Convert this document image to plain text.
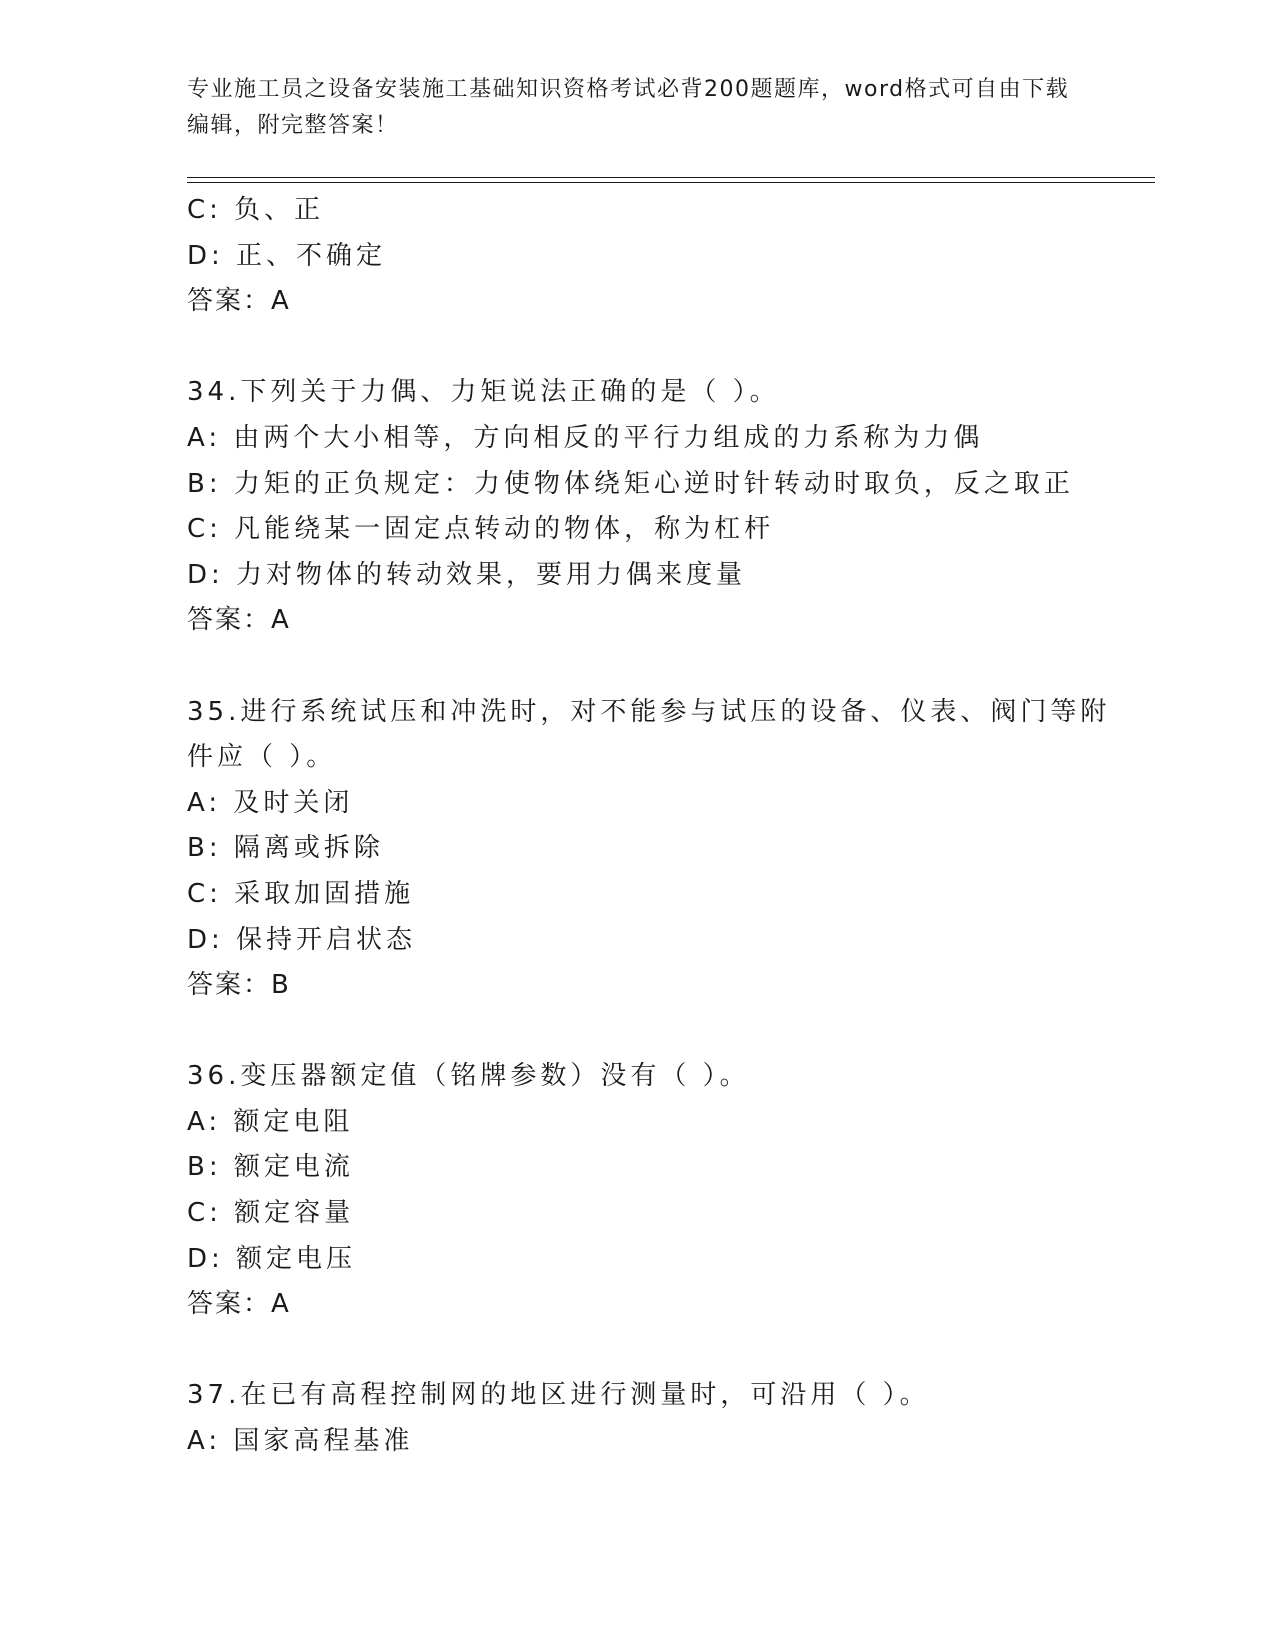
专业施工员之设备安装施工基础知识资格考试必背200题题库，word格式可自由下载编辑，附完整答案！
C: 负、正
D: 正、不确定
答案：A
34.下列关于力偶、力矩说法正确的是（ ）。
A: 由两个大小相等，方向相反的平行力组成的力系称为力偶
B: 力矩的正负规定：力使物体绕矩心逆时针转动时取负，反之取正
C: 凡能绕某一固定点转动的物体，称为杠杆
D: 力对物体的转动效果，要用力偶来度量
答案：A
35.进行系统试压和冲洗时，对不能参与试压的设备、仪表、阀门等附
件应（ ）。
A: 及时关闭
B: 隔离或拆除
C: 采取加固措施
D: 保持开启状态
答案：B
36.变压器额定值（铭牌参数）没有（ ）。
A: 额定电阻
B: 额定电流
C: 额定容量
D: 额定电压
答案：A
37.在已有高程控制网的地区进行测量时，可沿用（ ）。
A: 国家高程基准
